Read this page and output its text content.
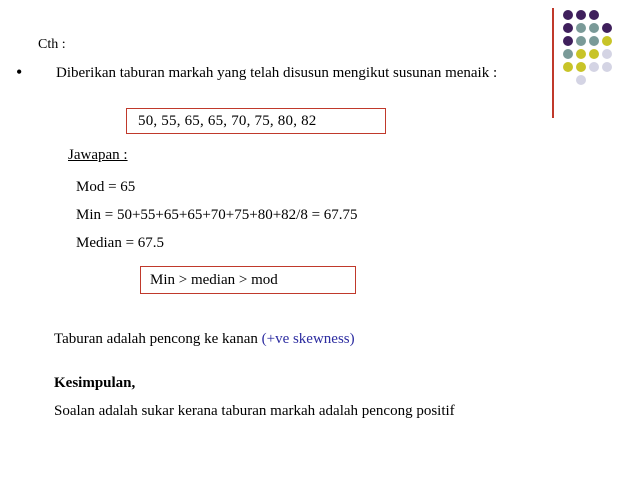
Cth :
• Diberikan taburan markah yang telah disusun mengikut susunan menaik :
50, 55, 65, 65, 70, 75, 80, 82
Jawapan :
Mod = 65
Min = 50+55+65+65+70+75+80+82/8 = 67.75
Median = 67.5
Min > median > mod
Taburan adalah pencong ke kanan (+ve skewness)
Kesimpulan,
Soalan adalah sukar kerana taburan markah adalah pencong positif
